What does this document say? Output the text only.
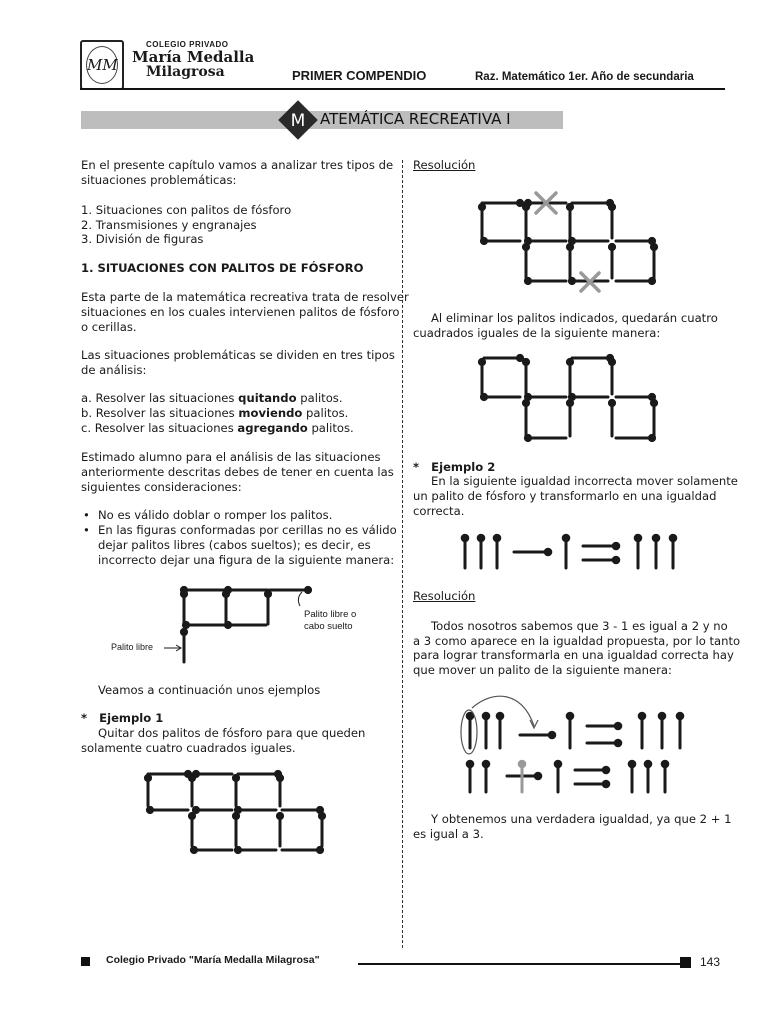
MM
COLEGIO PRIVADO
María Medalla
Milagrosa	PRIMER COMPENDIO	Raz. Matemático 1er. Año de secundaria
M ATEMÁTICA RECREATIVA I
En el presente capítulo vamos a analizar tres tipos de
situaciones problemáticas:
1. Situaciones con palitos de fósforo
2. Transmisiones y engranajes
3. División de figuras
1. SITUACIONES CON PALITOS DE FÓSFORO
Esta parte de la matemática recreativa trata de resolver
situaciones en los cuales intervienen palitos de fósforo
o cerillas.
Las situaciones problemáticas se dividen en tres tipos
de análisis:
a. Resolver las situaciones quitando palitos.
b. Resolver las situaciones moviendo palitos.
c. Resolver las situaciones agregando palitos.
Estimado alumno para el análisis de las situaciones
anteriormente descritas debes de tener en cuenta las
siguientes consideraciones:
• No es válido doblar o romper los palitos.
• En las figuras conformadas por cerillas no es válido
dejar palitos libres (cabos sueltos); es decir, es
incorrecto dejar una figura de la siguiente manera:
Palito libre o
cabo suelto
Palito libre
Veamos a continuación unos ejemplos
*   Ejemplo 1
Quitar dos palitos de fósforo para que queden
solamente cuatro cuadrados iguales.
Resolución
Al eliminar los palitos indicados, quedarán cuatro
cuadrados iguales de la siguiente manera:
*   Ejemplo 2
En la siguiente igualdad incorrecta mover solamente
un palito de fósforo y transformarlo en una igualdad
correcta.
Resolución
Todos nosotros sabemos que 3 - 1 es igual a 2 y no
a 3 como aparece en la igualdad propuesta, por lo tanto
para lograr transformarla en una igualdad correcta hay
que mover un palito de la siguiente manera:
Y obtenemos una verdadera igualdad, ya que 2 + 1
es igual a 3.
Colegio Privado "María Medalla Milagrosa"	143
